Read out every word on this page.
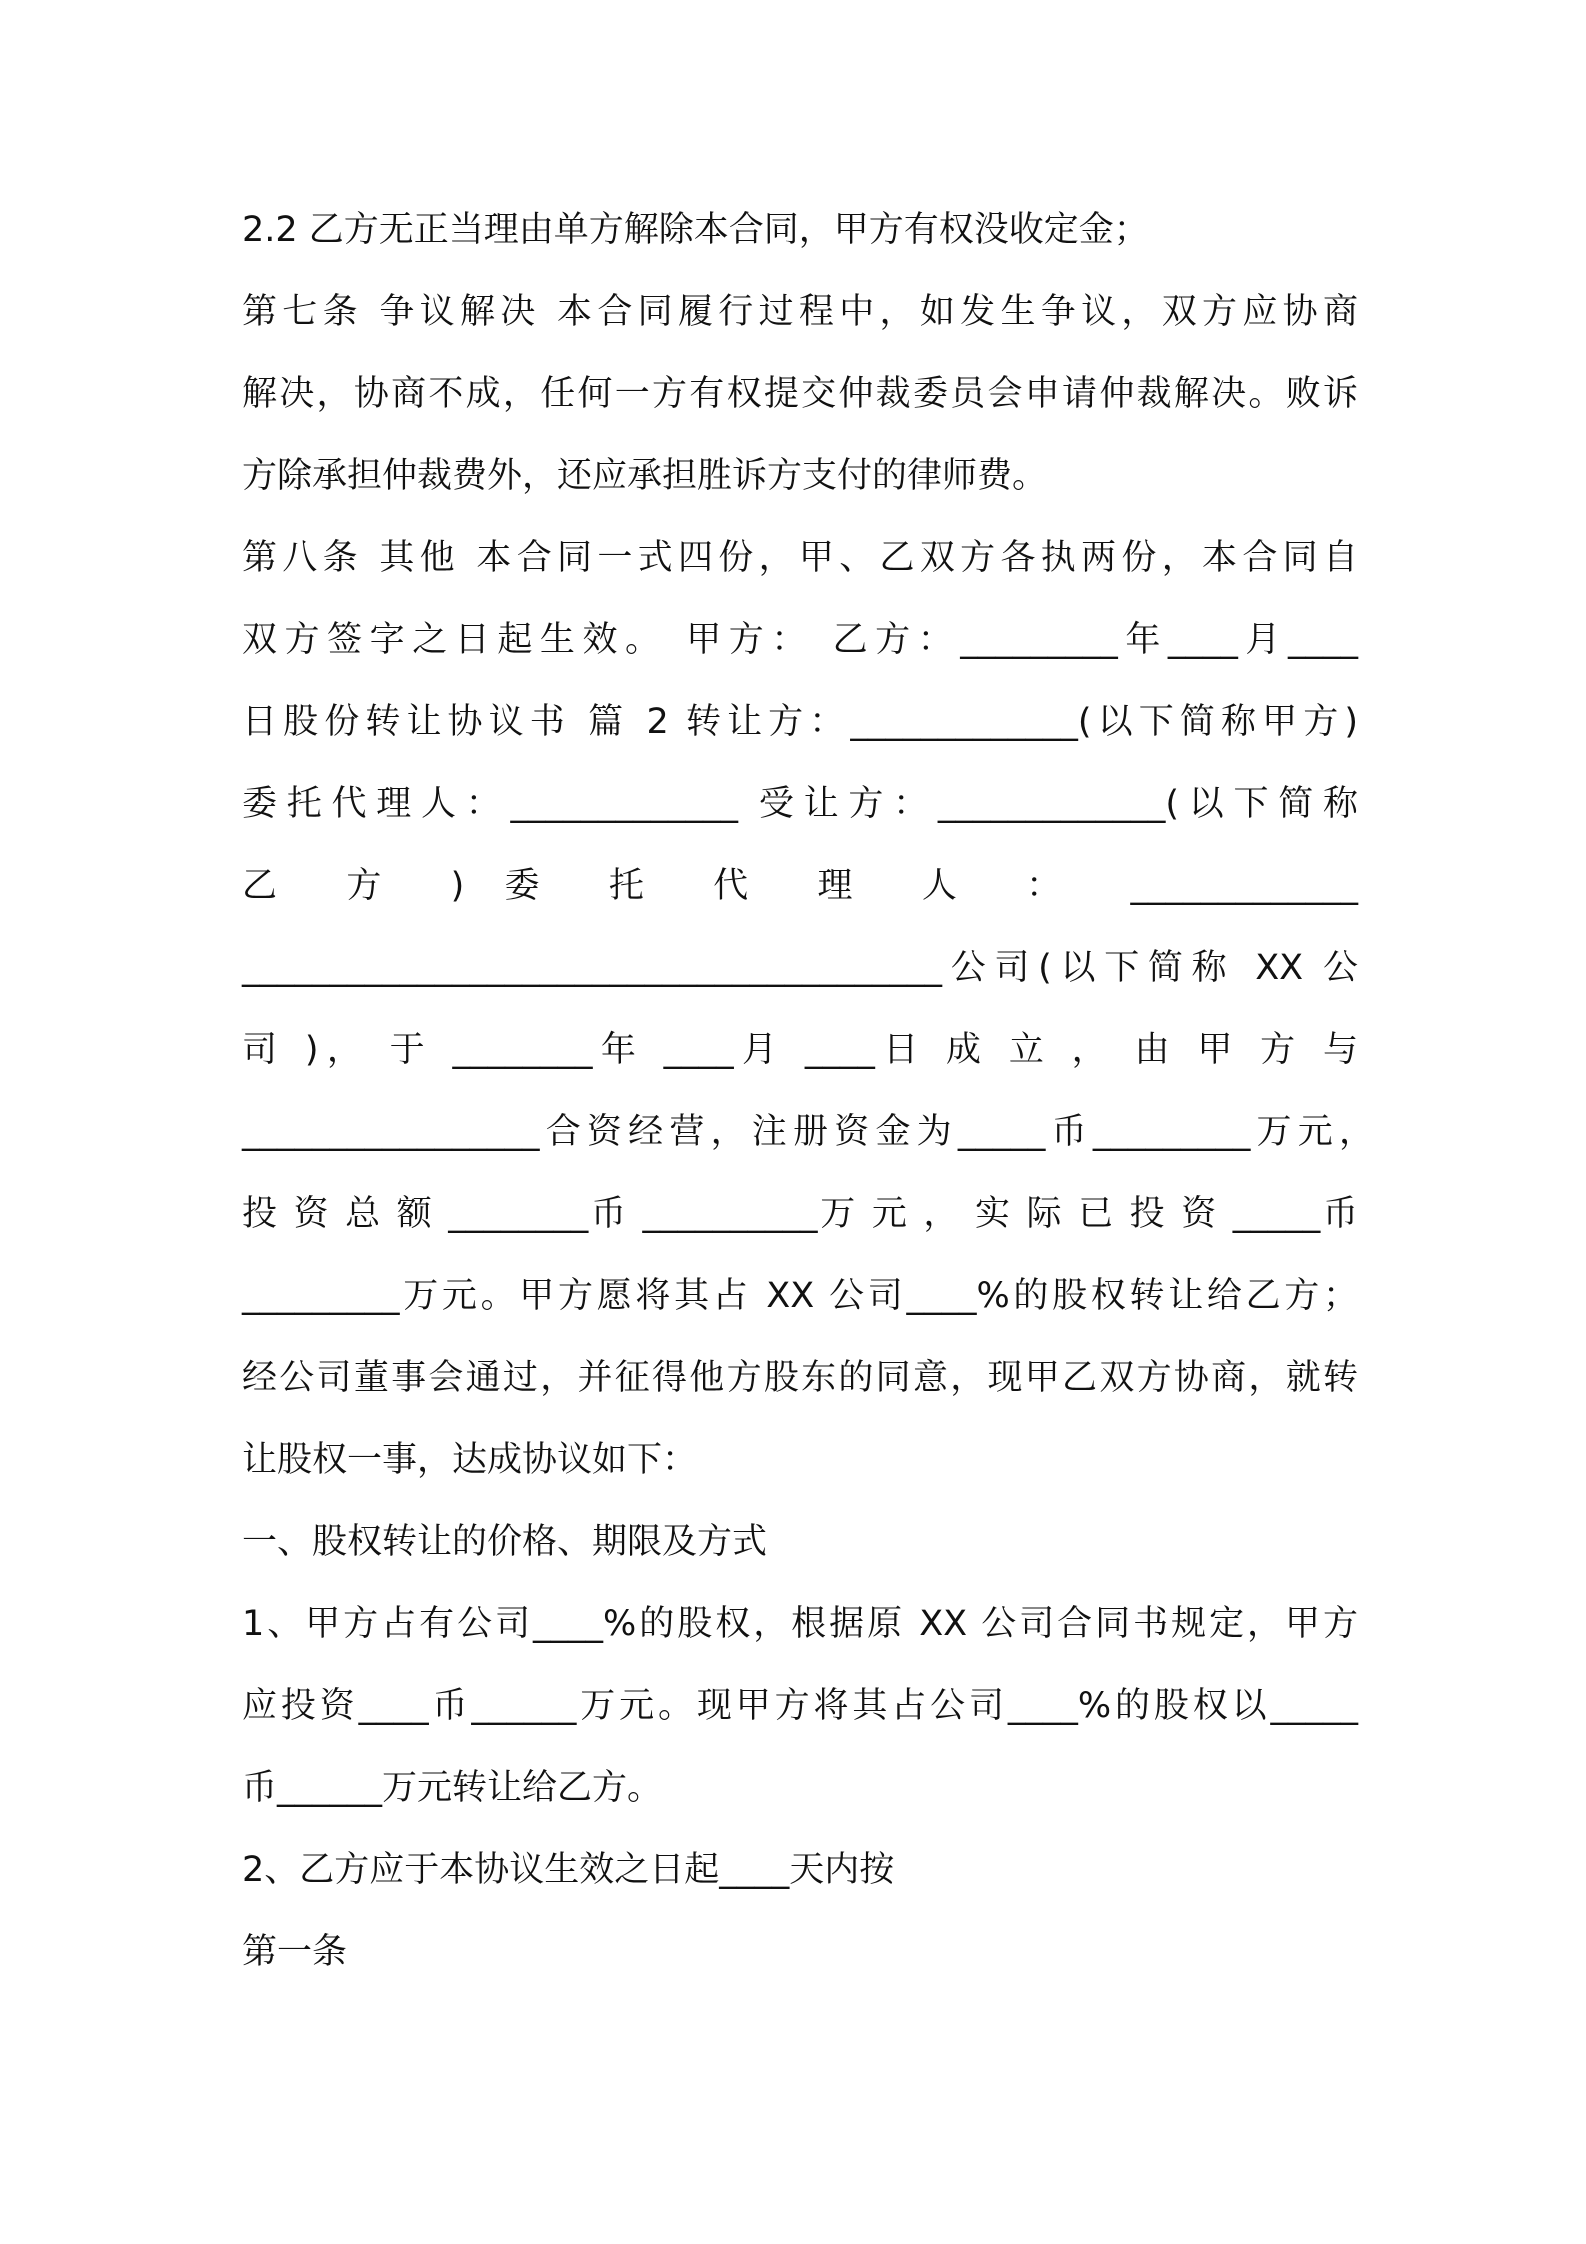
2.2 乙方无正当理由单方解除本合同，甲方有权没收定金；
第七条 争议解决 本合同履行过程中，如发生争议，双方应协商
解决，协商不成，任何一方有权提交仲裁委员会申请仲裁解决。败诉
方除承担仲裁费外，还应承担胜诉方支付的律师费。
第八条 其他 本合同一式四份，甲、乙双方各执两份，本合同自
双方签字之日起生效。 甲方： 乙方：_________年____月____
日股份转让协议书 篇 2 转让方：_____________(以下简称甲方)
委托代理人：_____________ 受让方：_____________(以下简称
乙 方 ) 委 托 代 理 人 ： _____________
________________________________________公司(以下简称 XX 公
司 )， 于 ________年 ____月 ____日 成 立 ， 由 甲 方 与
_________________合资经营，注册资金为_____币_________万元，
投 资 总 额 ________币 __________万 元 ， 实 际 已 投 资 _____币
_________万元。甲方愿将其占 XX 公司____%的股权转让给乙方；
经公司董事会通过，并征得他方股东的同意，现甲乙双方协商，就转
让股权一事，达成协议如下：
一、股权转让的价格、期限及方式
1、甲方占有公司____%的股权，根据原 XX 公司合同书规定，甲方
应投资____币______万元。现甲方将其占公司____%的股权以_____
币______万元转让给乙方。
2、乙方应于本协议生效之日起____天内按
第一条
